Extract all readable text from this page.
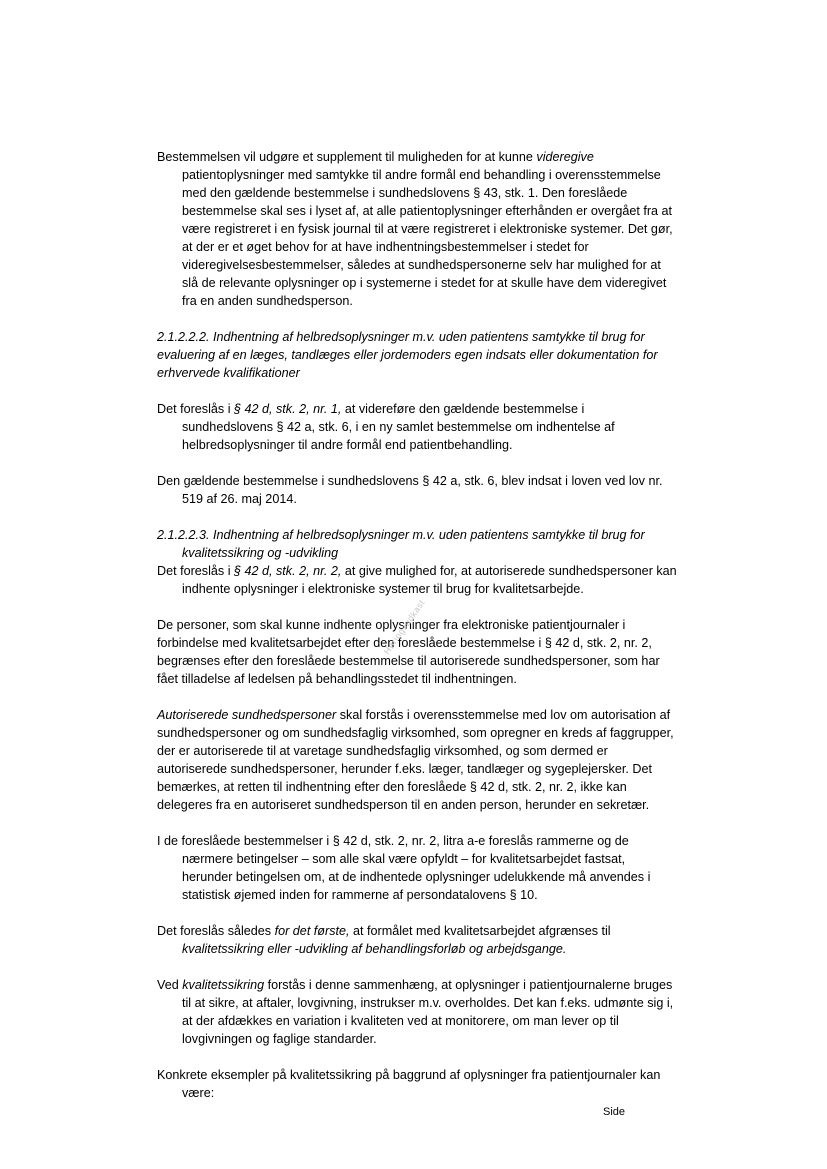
Bestemmelsen vil udgøre et supplement til muligheden for at kunne videregive patientoplysninger med samtykke til andre formål end behandling i overensstemmelse med den gældende bestemmelse i sundhedslovens § 43, stk. 1. Den foreslåede bestemmelse skal ses i lyset af, at alle patientoplysninger efterhånden er overgået fra at være registreret i en fysisk journal til at være registreret i elektroniske systemer. Det gør, at der er et øget behov for at have indhentningsbestemmelser i stedet for videregivelsesbestemmelser, således at sundhedspersonerne selv har mulighed for at slå de relevante oplysninger op i systemerne i stedet for at skulle have dem videregivet fra en anden sundhedsperson.

2.1.2.2.2. Indhentning af helbredsoplysninger m.v. uden patientens samtykke til brug for evaluering af en læges, tandlæges eller jordemoders egen indsats eller dokumentation for erhvervede kvalifikationer

Det foreslås i § 42 d, stk. 2, nr. 1, at videreføre den gældende bestemmelse i sundhedslovens § 42 a, stk. 6, i en ny samlet bestemmelse om indhentelse af helbredsoplysninger til andre formål end patientbehandling.

Den gældende bestemmelse i sundhedslovens § 42 a, stk. 6, blev indsat i loven ved lov nr. 519 af 26. maj 2014.

2.1.2.2.3. Indhentning af helbredsoplysninger m.v. uden patientens samtykke til brug for kvalitetssikring og -udvikling

Det foreslås i § 42 d, stk. 2, nr. 2, at give mulighed for, at autoriserede sundhedspersoner kan indhente oplysninger i elektroniske systemer til brug for kvalitetsarbejde.

De personer, som skal kunne indhente oplysninger fra elektroniske patientjournaler i forbindelse med kvalitetsarbejdet efter den foreslåede bestemmelse i § 42 d, stk. 2, nr. 2, begrænses efter den foreslåede bestemmelse til autoriserede sundhedspersoner, som har fået tilladelse af ledelsen på behandlingsstedet til indhentningen.

Autoriserede sundhedspersoner skal forstås i overensstemmelse med lov om autorisation af sundhedspersoner og om sundhedsfaglig virksomhed, som opregner en kreds af faggrupper, der er autoriserede til at varetage sundhedsfaglig virksomhed, og som dermed er autoriserede sundhedspersoner, herunder f.eks. læger, tandlæger og sygeplejersker. Det bemærkes, at retten til indhentning efter den foreslåede § 42 d, stk. 2, nr. 2, ikke kan delegeres fra en autoriseret sundhedsperson til en anden person, herunder en sekretær.

I de foreslåede bestemmelser i § 42 d, stk. 2, nr. 2, litra a-e foreslås rammerne og de nærmere betingelser – som alle skal være opfyldt – for kvalitetsarbejdet fastsat, herunder betingelsen om, at de indhentede oplysninger udelukkende må anvendes i statistisk øjemed inden for rammerne af persondatalovens § 10.

Det foreslås således for det første, at formålet med kvalitetsarbejdet afgrænses til kvalitetssikring eller -udvikling af behandlingsforløb og arbejdsgange.

Ved kvalitetssikring forstås i denne sammenhæng, at oplysninger i patientjournalerne bruges til at sikre, at aftaler, lovgivning, instrukser m.v. overholdes. Det kan f.eks. udmønte sig i, at der afdækkes en variation i kvaliteten ved at monitorere, om man lever op til lovgivningen og faglige standarder.

Konkrete eksempler på kvalitetssikring på baggrund af oplysninger fra patientjournaler kan være:

Høringsudkast
Side
